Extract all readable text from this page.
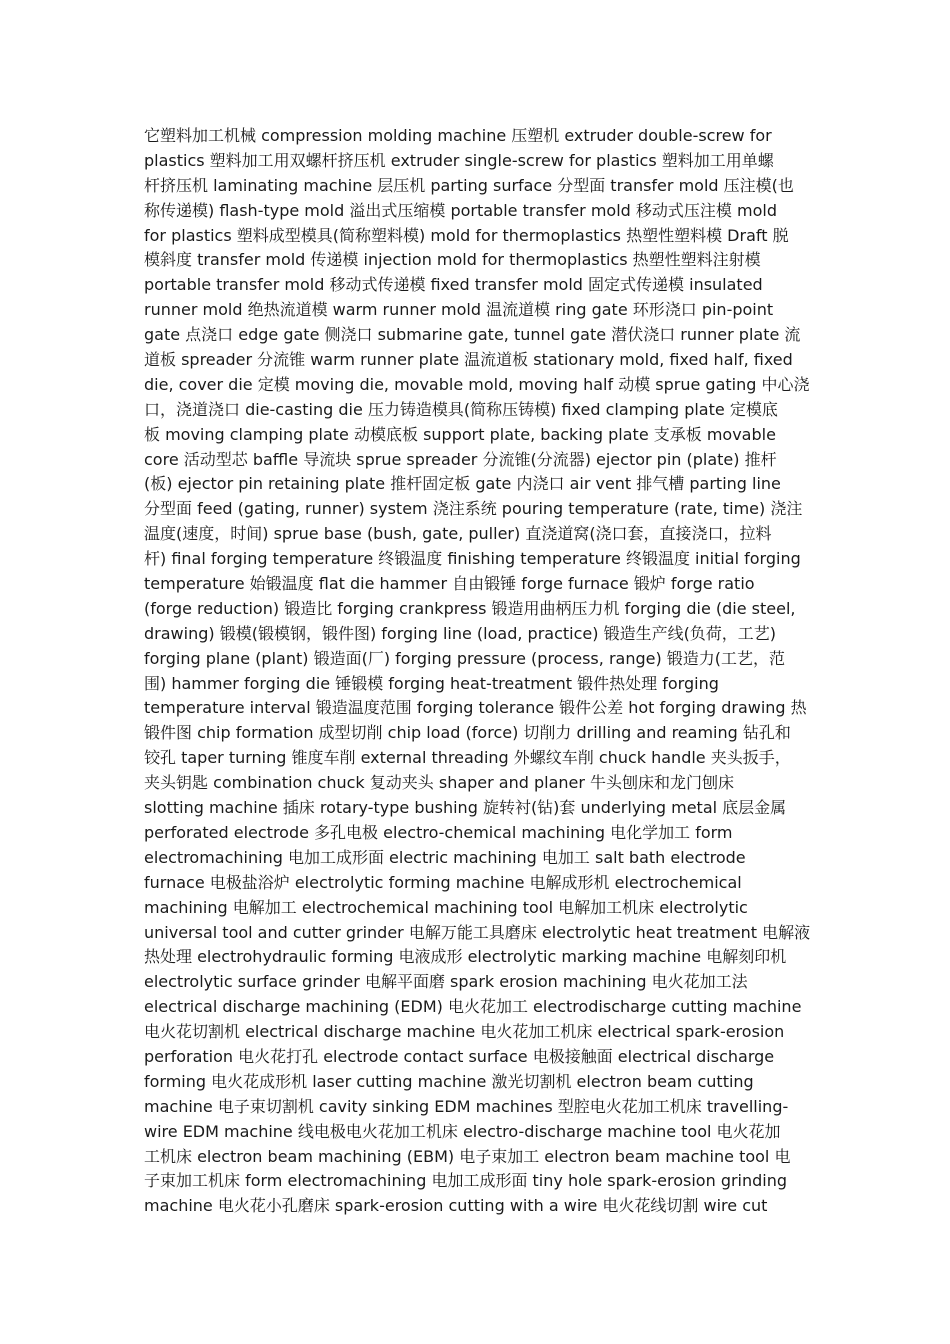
它塑料加工机械 compression molding machine 压塑机 extruder double-screw for
plastics 塑料加工用双螺杆挤压机 extruder single-screw for plastics 塑料加工用单螺
杆挤压机 laminating machine 层压机 parting surface 分型面 transfer mold 压注模(也
称传递模) flash-type mold 溢出式压缩模 portable transfer mold 移动式压注模 mold
for plastics 塑料成型模具(简称塑料模) mold for thermoplastics 热塑性塑料模 Draft 脱
模斜度 transfer mold 传递模 injection mold for thermoplastics 热塑性塑料注射模
portable transfer mold 移动式传递模 fixed transfer mold 固定式传递模 insulated
runner mold 绝热流道模 warm runner mold 温流道模 ring gate 环形浇口 pin-point
gate 点浇口 edge gate 侧浇口 submarine gate, tunnel gate 潜伏浇口 runner plate 流
道板 spreader 分流锥 warm runner plate 温流道板 stationary mold, fixed half, fixed
die, cover die 定模 moving die, movable mold, moving half 动模 sprue gating 中心浇
口，浇道浇口 die-casting die 压力铸造模具(简称压铸模) fixed clamping plate 定模底
板 moving clamping plate 动模底板 support plate, backing plate 支承板 movable
core 活动型芯 baffle 导流块 sprue spreader 分流锥(分流器) ejector pin (plate) 推杆
(板) ejector pin retaining plate 推杆固定板 gate 内浇口 air vent 排气槽 parting line
分型面 feed (gating, runner) system 浇注系统 pouring temperature (rate, time) 浇注
温度(速度，时间) sprue base (bush, gate, puller) 直浇道窝(浇口套，直接浇口，拉料
杆) final forging temperature 终锻温度 finishing temperature 终锻温度 initial forging
temperature 始锻温度 flat die hammer 自由锻锤 forge furnace 锻炉 forge ratio
(forge reduction) 锻造比 forging crankpress 锻造用曲柄压力机 forging die (die steel,
drawing) 锻模(锻模钢，锻件图) forging line (load, practice) 锻造生产线(负荷，工艺)
forging plane (plant) 锻造面(厂) forging pressure (process, range) 锻造力(工艺，范
围) hammer forging die 锤锻模 forging heat-treatment 锻件热处理 forging
temperature interval 锻造温度范围 forging tolerance 锻件公差 hot forging drawing 热
锻件图 chip formation 成型切削 chip load (force) 切削力 drilling and reaming 钻孔和
铰孔 taper turning 锥度车削 external threading 外螺纹车削 chuck handle 夹头扳手，
夹头钥匙 combination chuck 复动夹头 shaper and planer 牛头刨床和龙门刨床
slotting machine 插床 rotary-type bushing 旋转衬(钻)套 underlying metal 底层金属
perforated electrode 多孔电极 electro-chemical machining 电化学加工 form
electromachining 电加工成形面 electric machining 电加工 salt bath electrode
furnace 电极盐浴炉 electrolytic forming machine 电解成形机 electrochemical
machining 电解加工 electrochemical machining tool 电解加工机床 electrolytic
universal tool and cutter grinder 电解万能工具磨床 electrolytic heat treatment 电解液
热处理 electrohydraulic forming 电液成形 electrolytic marking machine 电解刻印机
electrolytic surface grinder 电解平面磨 spark erosion machining 电火花加工法
electrical discharge machining (EDM) 电火花加工 electrodischarge cutting machine
电火花切割机 electrical discharge machine 电火花加工机床 electrical spark-erosion
perforation 电火花打孔 electrode contact surface 电极接触面 electrical discharge
forming 电火花成形机 laser cutting machine 激光切割机 electron beam cutting
machine 电子束切割机 cavity sinking EDM machines 型腔电火花加工机床 travelling-
wire EDM machine 线电极电火花加工机床 electro-discharge machine tool 电火花加
工机床 electron beam machining (EBM) 电子束加工 electron beam machine tool 电
子束加工机床 form electromachining 电加工成形面 tiny hole spark-erosion grinding
machine 电火花小孔磨床 spark-erosion cutting with a wire 电火花线切割 wire cut
